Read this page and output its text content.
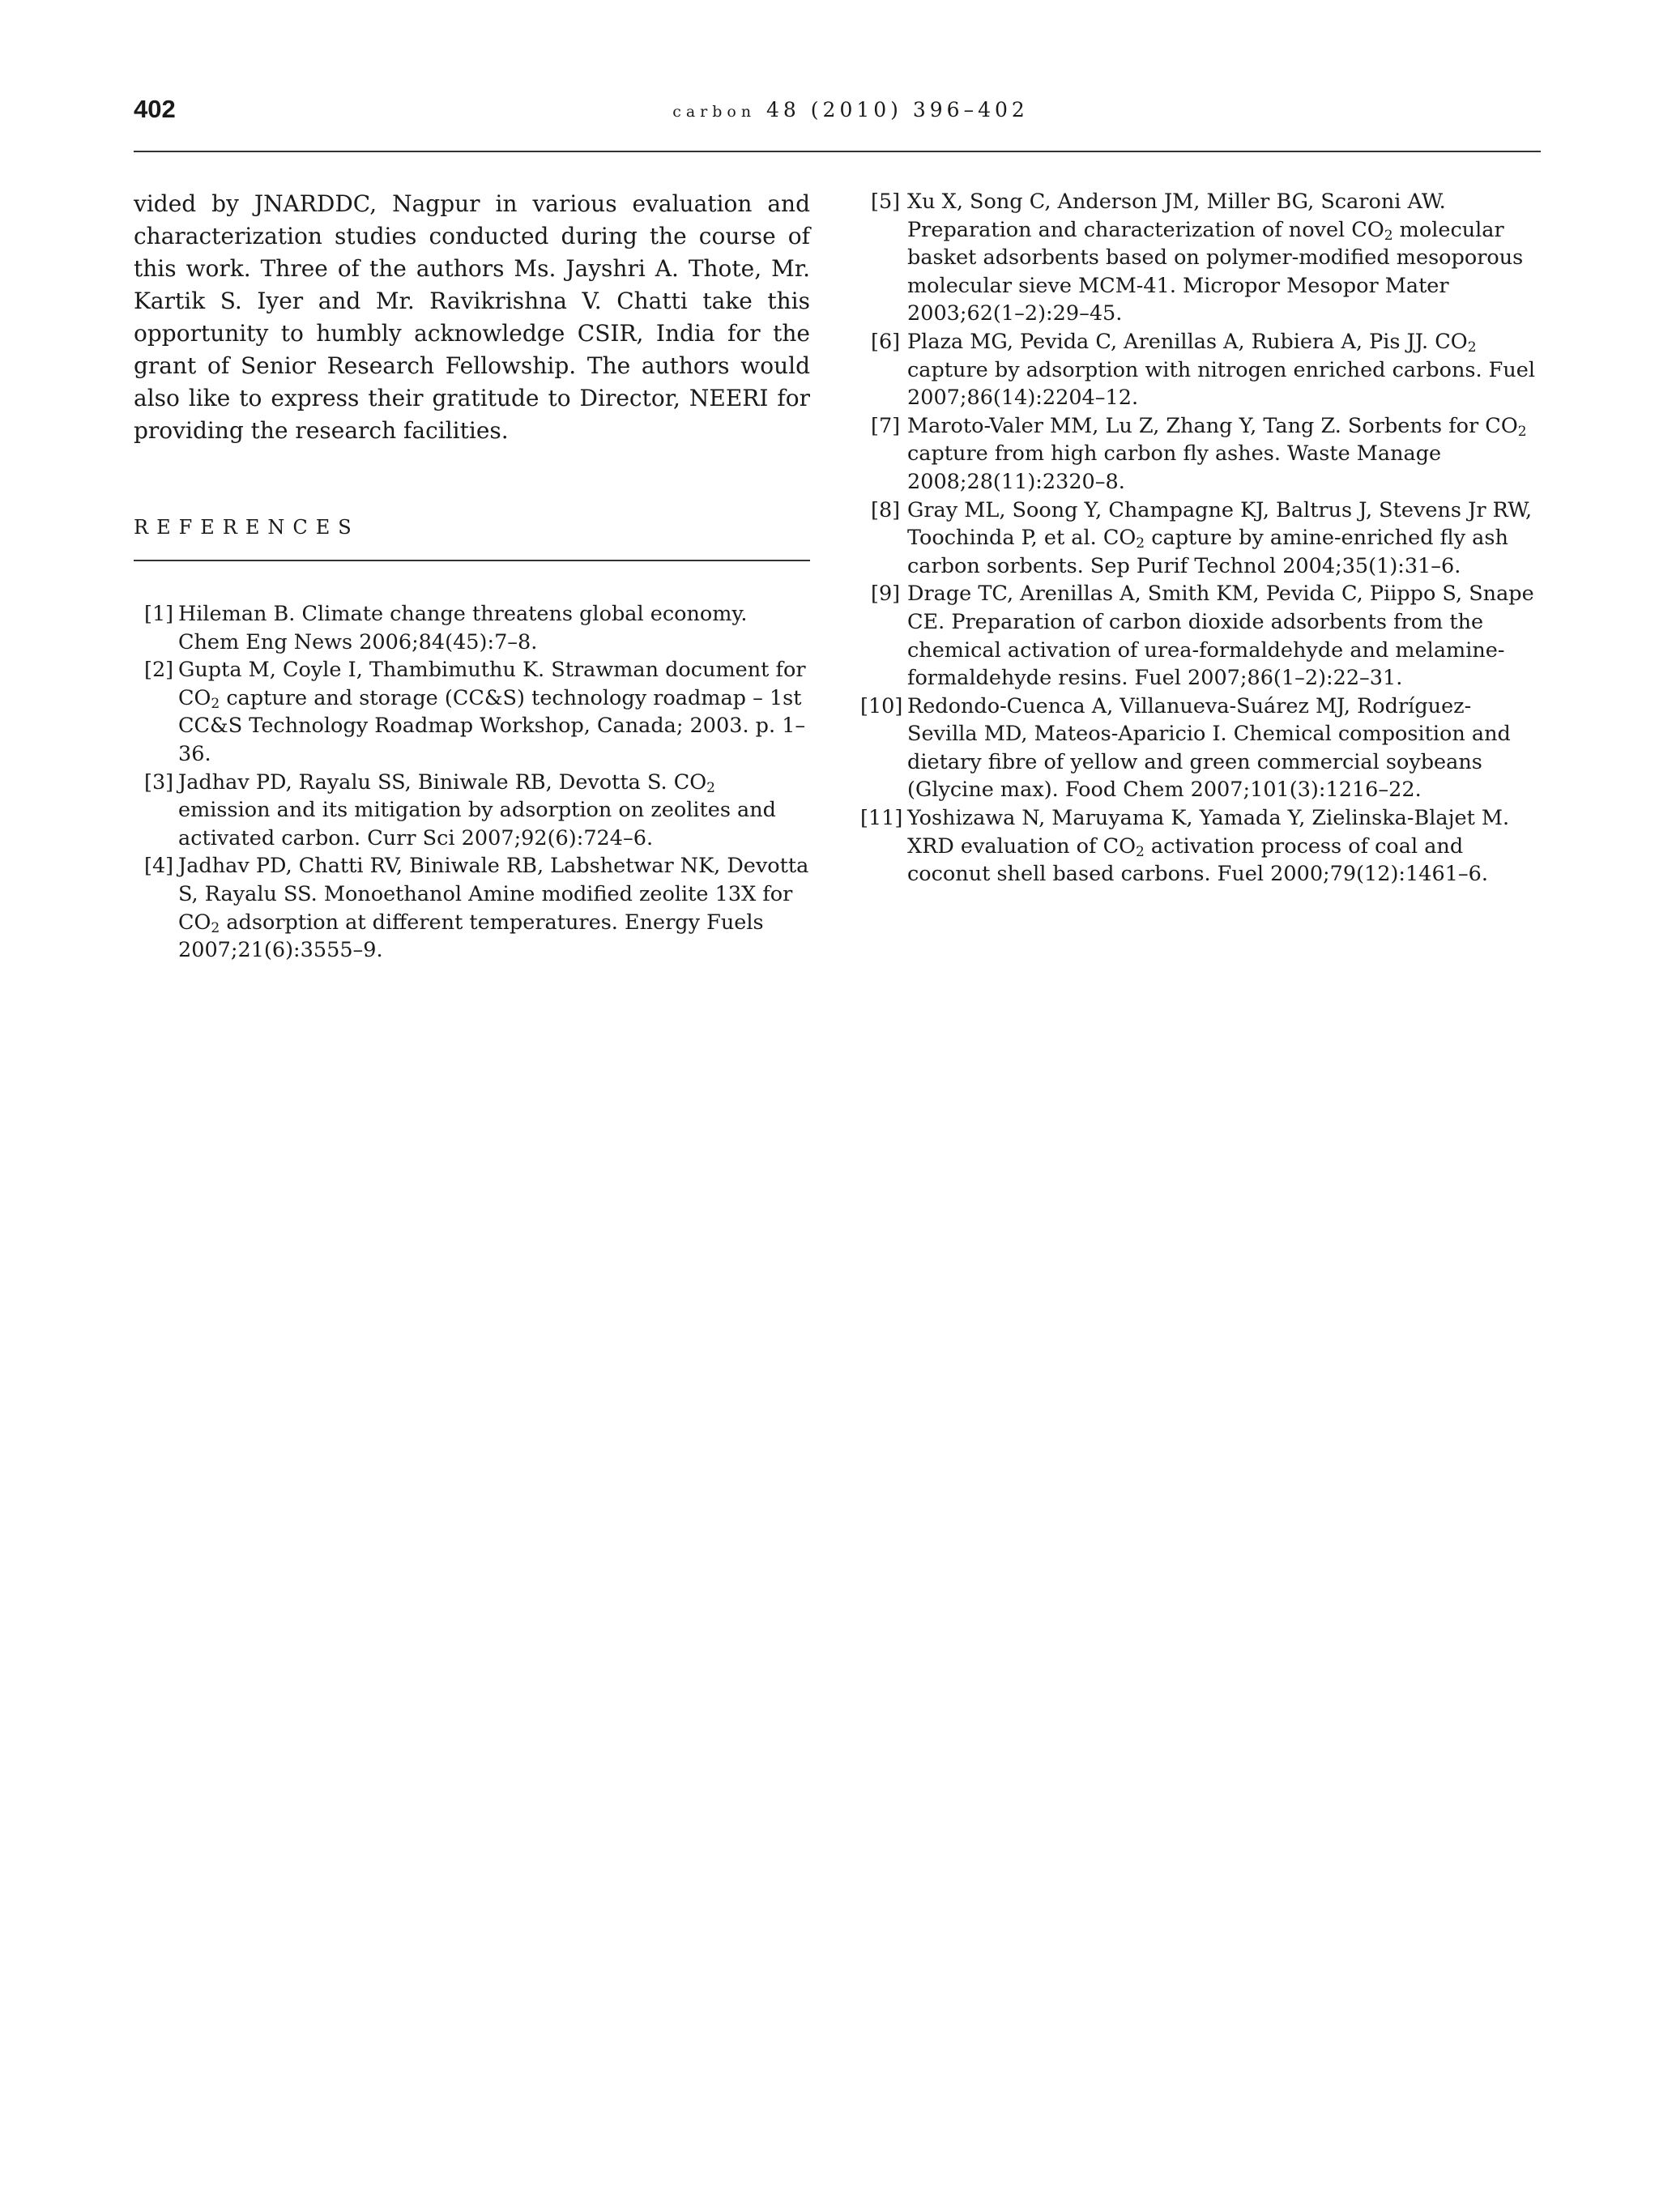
402	carbon 48 (2010) 396–402

vided by JNARDDC, Nagpur in various evaluation and characterization studies conducted during the course of this work. Three of the authors Ms. Jayshri A. Thote, Mr. Kartik S. Iyer and Mr. Ravikrishna V. Chatti take this opportunity to humbly acknowledge CSIR, India for the grant of Senior Research Fellowship. The authors would also like to express their gratitude to Director, NEERI for providing the research facilities.

REFERENCES
[1] Hileman B. Climate change threatens global economy. Chem Eng News 2006;84(45):7–8.
[2] Gupta M, Coyle I, Thambimuthu K. Strawman document for $CO_2$ capture and storage (CC&S) technology roadmap – 1st CC&S Technology Roadmap Workshop, Canada; 2003. p. 1–36.
[3] Jadhav PD, Rayalu SS, Biniwale RB, Devotta S. $CO_2$ emission and its mitigation by adsorption on zeolites and activated carbon. Curr Sci 2007;92(6):724–6.
[4] Jadhav PD, Chatti RV, Biniwale RB, Labshetwar NK, Devotta S, Rayalu SS. Monoethanol Amine modified zeolite 13X for $CO_2$ adsorption at different temperatures. Energy Fuels 2007;21(6):3555–9.
[5] Xu X, Song C, Anderson JM, Miller BG, Scaroni AW. Preparation and characterization of novel $CO_2$ molecular basket adsorbents based on polymer-modified mesoporous molecular sieve MCM-41. Micropor Mesopor Mater 2003;62(1–2):29–45.
[6] Plaza MG, Pevida C, Arenillas A, Rubiera A, Pis JJ. $CO_2$ capture by adsorption with nitrogen enriched carbons. Fuel 2007;86(14):2204–12.
[7] Maroto-Valer MM, Lu Z, Zhang Y, Tang Z. Sorbents for $CO_2$ capture from high carbon fly ashes. Waste Manage 2008;28(11):2320–8.
[8] Gray ML, Soong Y, Champagne KJ, Baltrus J, Stevens Jr RW, Toochinda P, et al. $CO_2$ capture by amine-enriched fly ash carbon sorbents. Sep Purif Technol 2004;35(1):31–6.
[9] Drage TC, Arenillas A, Smith KM, Pevida C, Piippo S, Snape CE. Preparation of carbon dioxide adsorbents from the chemical activation of urea-formaldehyde and melamine-formaldehyde resins. Fuel 2007;86(1–2):22–31.
[10] Redondo-Cuenca A, Villanueva-Suárez MJ, Rodríguez-Sevilla MD, Mateos-Aparicio I. Chemical composition and dietary fibre of yellow and green commercial soybeans (Glycine max). Food Chem 2007;101(3):1216–22.
[11] Yoshizawa N, Maruyama K, Yamada Y, Zielinska-Blajet M. XRD evaluation of $CO_2$ activation process of coal and coconut shell based carbons. Fuel 2000;79(12):1461–6.
